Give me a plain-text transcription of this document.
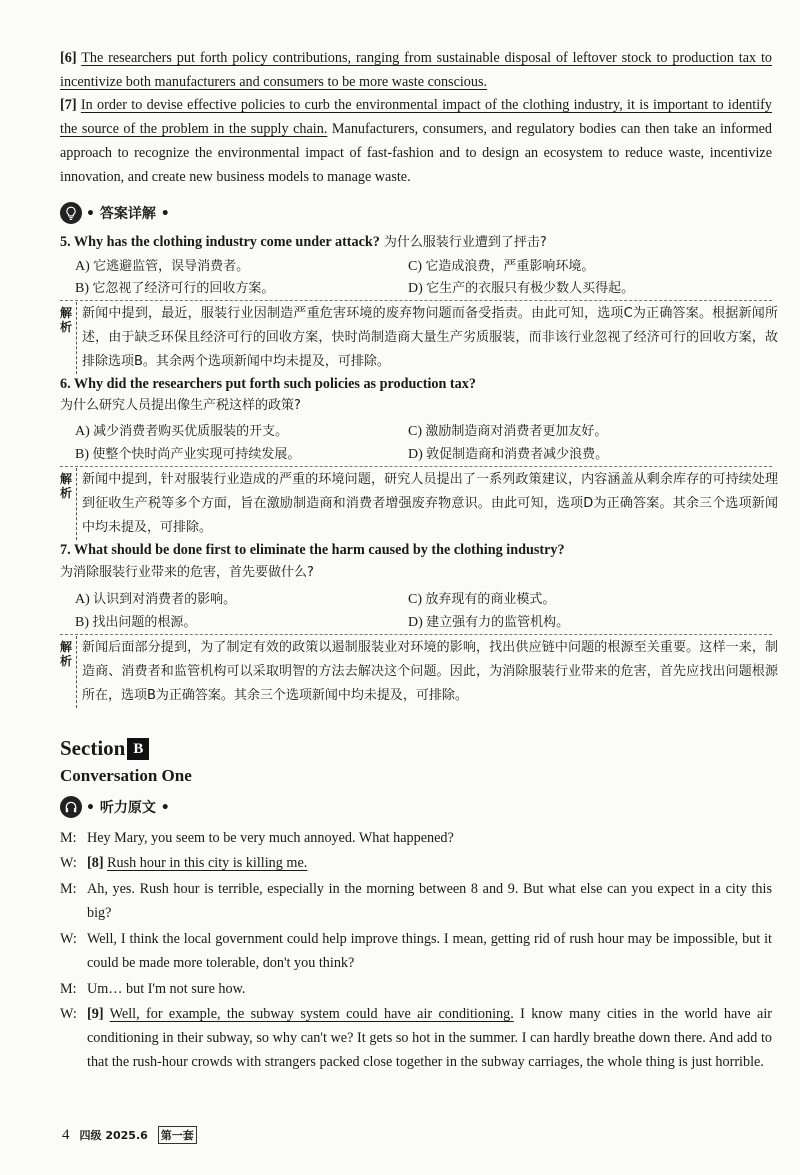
[6] The researchers put forth policy contributions, ranging from sustainable disposal of leftover stock to production tax to incentivize both manufacturers and consumers to be more waste conscious.
[7] In order to devise effective policies to curb the environmental impact of the clothing industry, it is important to identify the source of the problem in the supply chain. Manufacturers, consumers, and regulatory bodies can then take an informed approach to recognize the environmental impact of fast-fashion and to design an ecosystem to reduce waste, incentivize innovation, and create new business models to manage waste.
• 答案详解 •
5. Why has the clothing industry come under attack? 为什么服装行业遭到了抨击?
A) 它逃避监管，误导消费者。	C) 它造成浪费，严重影响环境。
B) 它忽视了经济可行的回收方案。	D) 它生产的衣服只有极少数人买得起。
解析
新闻中提到，最近，服装行业因制造严重危害环境的废弃物问题而备受指责。由此可知，选项C为正确答案。根据新闻所述，由于缺乏环保且经济可行的回收方案，快时尚制造商大量生产劣质服装，而非该行业忽视了经济可行的回收方案，故排除选项B。其余两个选项新闻中均未提及，可排除。
6. Why did the researchers put forth such policies as production tax?
为什么研究人员提出像生产税这样的政策?
A) 减少消费者购买优质服装的开支。	C) 激励制造商对消费者更加友好。
B) 使整个快时尚产业实现可持续发展。	D) 敦促制造商和消费者减少浪费。
解析
新闻中提到，针对服装行业造成的严重的环境问题，研究人员提出了一系列政策建议，内容涵盖从剩余库存的可持续处理到征收生产税等多个方面，旨在激励制造商和消费者增强废弃物意识。由此可知，选项D为正确答案。其余三个选项新闻中均未提及，可排除。
7. What should be done first to eliminate the harm caused by the clothing industry?
为消除服装行业带来的危害，首先要做什么?
A) 认识到对消费者的影响。	C) 放弃现有的商业模式。
B) 找出问题的根源。	D) 建立强有力的监管机构。
解析
新闻后面部分提到，为了制定有效的政策以遏制服装业对环境的影响，找出供应链中问题的根源至关重要。这样一来，制造商、消费者和监管机构可以采取明智的方法去解决这个问题。因此，为消除服装行业带来的危害，首先应找出问题根源所在，选项B为正确答案。其余三个选项新闻中均未提及，可排除。
Section B
Conversation One
• 听力原文 •
M: Hey Mary, you seem to be very much annoyed. What happened?
W: [8] Rush hour in this city is killing me.
M: Ah, yes. Rush hour is terrible, especially in the morning between 8 and 9. But what else can you expect in a city this big?
W: Well, I think the local government could help improve things. I mean, getting rid of rush hour may be impossible, but it could be made more tolerable, don't you think?
M: Um… but I'm not sure how.
W: [9] Well, for example, the subway system could have air conditioning. I know many cities in the world have air conditioning in their subway, so why can't we? It gets so hot in the summer. I can hardly breathe down there. And add to that the rush-hour crowds with strangers packed close together in the subway carriages, the whole thing is just horrible.
4 四级 2025.6 第一套
